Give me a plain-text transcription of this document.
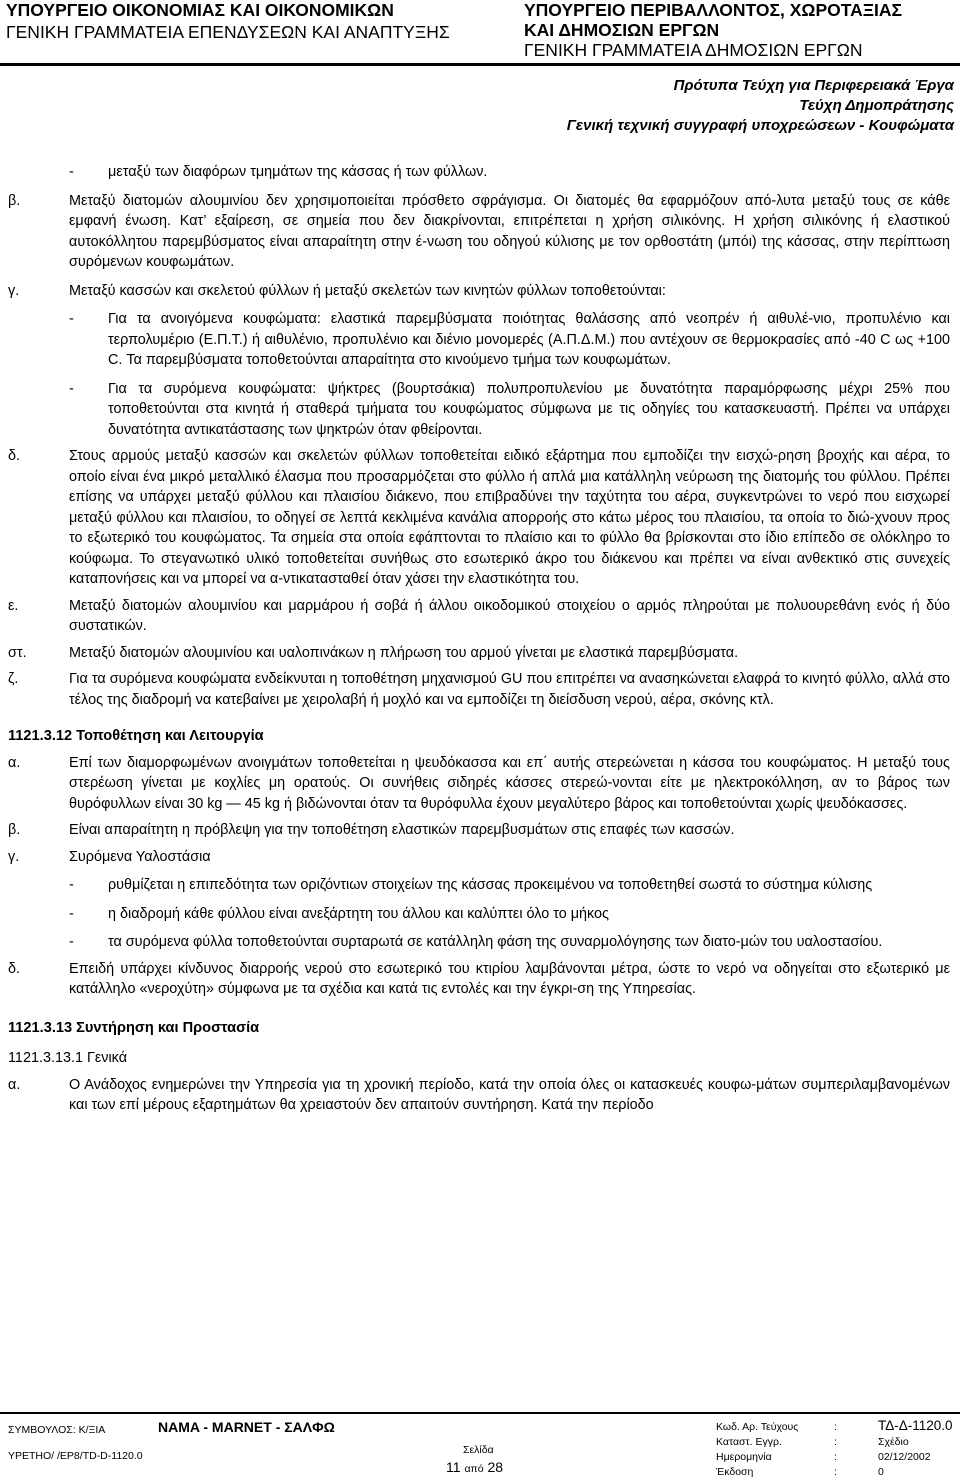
ΥΠΟΥΡΓΕΙΟ ΟΙΚΟΝΟΜΙΑΣ ΚΑΙ ΟΙΚΟΝΟΜΙΚΩΝ
ΓΕΝΙΚΗ ΓΡΑΜΜΑΤΕΙΑ ΕΠΕΝΔΥΣΕΩΝ ΚΑΙ ΑΝΑΠΤΥΞΗΣ
ΥΠΟΥΡΓΕΙΟ ΠΕΡΙΒΑΛΛΟΝΤΟΣ, ΧΩΡΟΤΑΞΙΑΣ
ΚΑΙ ΔΗΜΟΣΙΩΝ ΕΡΓΩΝ
ΓΕΝΙΚΗ ΓΡΑΜΜΑΤΕΙΑ ΔΗΜΟΣΙΩΝ ΕΡΓΩΝ
Πρότυπα Τεύχη για Περιφερειακά Έργα
Τεύχη Δημοπράτησης
Γενική τεχνική συγγραφή υποχρεώσεων - Κουφώματα
- μεταξύ των διαφόρων τμημάτων της κάσσας ή των φύλλων.
β.	Μεταξύ διατομών αλουμινίου δεν χρησιμοποιείται πρόσθετο σφράγισμα. Οι διατομές θα εφαρμόζουν από-λυτα μεταξύ τους σε κάθε εμφανή ένωση. Κατ’ εξαίρεση, σε σημεία που δεν διακρίνονται, επιτρέπεται η χρήση σιλικόνης. Η χρήση σιλικόνης ή ελαστικού αυτοκόλλητου παρεμβύσματος είναι απαραίτητη στην έ-νωση του οδηγού κύλισης με τον ορθοστάτη (μπόι) της κάσσας, στην περίπτωση συρόμενων κουφωμάτων.
γ.	Μεταξύ κασσών και σκελετού φύλλων ή μεταξύ σκελετών των κινητών φύλλων τοποθετούνται:
- Για τα ανοιγόμενα κουφώματα: ελαστικά παρεμβύσματα ποιότητας θαλάσσης από νεοπρέν ή αιθυλέ-νιο, προπυλένιο και τερπολυμέριο (Ε.Π.Τ.) ή αιθυλένιο, προπυλένιο και διένιο μονομερές (Α.Π.Δ.Μ.) που αντέχουν σε θερμοκρασίες από -40 C ως +100 C. Τα παρεμβύσματα τοποθετούνται απαραίτητα στο κινούμενο τμήμα των κουφωμάτων.
- Για τα συρόμενα κουφώματα: ψήκτρες (βουρτσάκια) πολυπροπυλενίου με δυνατότητα παραμόρφωσης μέχρι 25% που τοποθετούνται στα κινητά ή σταθερά τμήματα του κουφώματος σύμφωνα με τις οδηγίες του κατασκευαστή. Πρέπει να υπάρχει δυνατότητα αντικατάστασης των ψηκτρών όταν φθείρονται.
δ.	Στους αρμούς μεταξύ κασσών και σκελετών φύλλων τοποθετείται ειδικό εξάρτημα που εμποδίζει την εισχώ-ρηση βροχής και αέρα, το οποίο είναι ένα μικρό μεταλλικό έλασμα που προσαρμόζεται στο φύλλο ή απλά μια κατάλληλη νεύρωση της διατομής του φύλλου. Πρέπει επίσης να υπάρχει μεταξύ φύλλου και πλαισίου διάκενο, που επιβραδύνει την ταχύτητα του αέρα, συγκεντρώνει το νερό που εισχωρεί μεταξύ φύλλου και πλαισίου, το οδηγεί σε λεπτά κεκλιμένα κανάλια απορροής στο κάτω μέρος του πλαισίου, τα οποία το διώ-χνουν προς το εξωτερικό του κουφώματος. Τα σημεία στα οποία εφάπτονται το πλαίσιο και το φύλλο θα βρίσκονται στο ίδιο επίπεδο σε ολόκληρο το κούφωμα. Το στεγανωτικό υλικό τοποθετείται συνήθως στο εσωτερικό άκρο του διάκενου και πρέπει να είναι ανθεκτικό στις συνεχείς καταπονήσεις και να μπορεί να α-ντικατασταθεί όταν χάσει την ελαστικότητα του.
ε.	Μεταξύ διατομών αλουμινίου και μαρμάρου ή σοβά ή άλλου οικοδομικού στοιχείου ο αρμός πληρούται με πολυουρεθάνη ενός ή δύο συστατικών.
στ.	Μεταξύ διατομών αλουμινίου και υαλοπινάκων η πλήρωση του αρμού γίνεται με ελαστικά παρεμβύσματα.
ζ.	Για τα συρόμενα κουφώματα ενδείκνυται η τοποθέτηση μηχανισμού GU που επιτρέπει να ανασηκώνεται ελαφρά το κινητό φύλλο, αλλά στο τέλος της διαδρομή να κατεβαίνει με χειρολαβή ή μοχλό και να εμποδίζει τη διείσδυση νερού, αέρα, σκόνης κτλ.
1121.3.12 Τοποθέτηση και Λειτουργία
α.	Επί των διαμορφωμένων ανοιγμάτων τοποθετείται η ψευδόκασσα και επ΄ αυτής στερεώνεται η κάσσα του κουφώματος. Η μεταξύ τους στερέωση γίνεται με κοχλίες μη ορατούς. Οι συνήθεις σιδηρές κάσσες στερεώ-νονται είτε με ηλεκτροκόλληση, αν το βάρος των θυρόφυλλων είναι 30 kg — 45 kg ή βιδώνονται όταν τα θυρόφυλλα έχουν μεγαλύτερο βάρος και τοποθετούνται χωρίς ψευδόκασσες.
β.	Είναι απαραίτητη η πρόβλεψη για την τοποθέτηση ελαστικών παρεμβυσμάτων στις επαφές των κασσών.
γ.	Συρόμενα Υαλοστάσια
- ρυθμίζεται η επιπεδότητα των οριζόντιων στοιχείων της κάσσας προκειμένου να τοποθετηθεί σωστά το σύστημα κύλισης
- η διαδρομή κάθε φύλλου είναι ανεξάρτητη του άλλου και καλύπτει όλο το μήκος
- τα συρόμενα φύλλα τοποθετούνται συρταρωτά σε κατάλληλη φάση της συναρμολόγησης των διατο-μών του υαλοστασίου.
δ.	Επειδή υπάρχει κίνδυνος διαρροής νερού στο εσωτερικό του κτιρίου λαμβάνονται μέτρα, ώστε το νερό να οδηγείται στο εξωτερικό με κατάλληλο «νεροχύτη» σύμφωνα με τα σχέδια και κατά τις εντολές και την έγκρι-ση της Υπηρεσίας.
1121.3.13 Συντήρηση και Προστασία
1121.3.13.1 Γενικά
α.	Ο Ανάδοχος ενημερώνει την Υπηρεσία για τη χρονική περίοδο, κατά την οποία όλες οι κατασκευές κουφω-μάτων συμπεριλαμβανομένων και των επί μέρους εξαρτημάτων θα χρειαστούν δεν απαιτούν συντήρηση. Κατά την περίοδο
ΣΥΜΒΟΥΛΟΣ: Κ/ΞΙΑ	NAMA - MARNET - ΣΑΛΦΩ
ΥΡΕΤΗΟ/ /ΕΡ8/ΤD-D-1120.0	Σελίδα
11 από 28
Κωδ. Αρ. Τεύχους	:	ΤΔ-Δ-1120.0
Καταστ. Εγγρ.	:	Σχέδιο
Ημερομηνία	:	02/12/2002
Έκδοση	:	0
